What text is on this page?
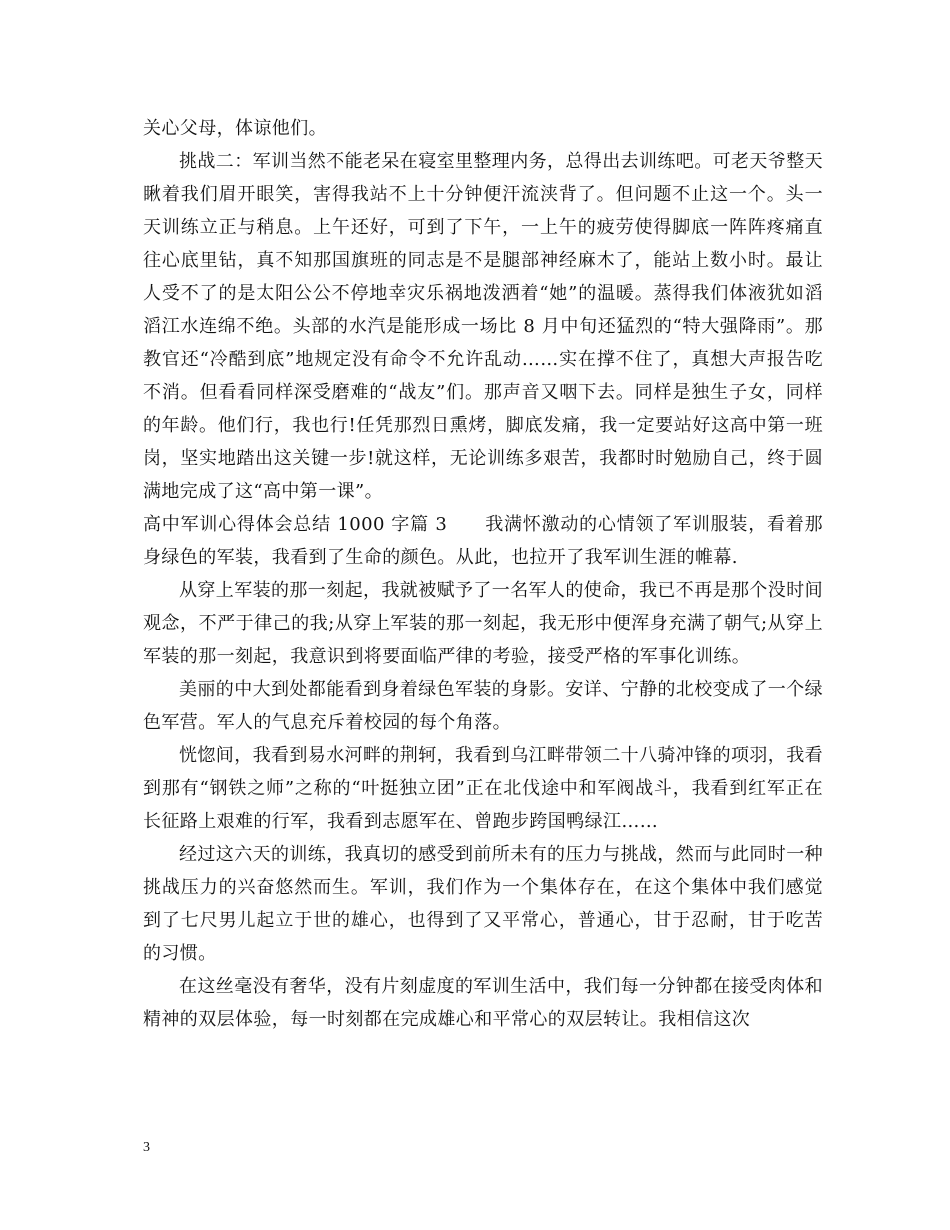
关心父母，体谅他们。

挑战二：军训当然不能老呆在寝室里整理内务，总得出去训练吧。可老天爷整天瞅着我们眉开眼笑，害得我站不上十分钟便汗流浃背了。但问题不止这一个。头一天训练立正与稍息。上午还好，可到了下午，一上午的疲劳使得脚底一阵阵疼痛直往心底里钻，真不知那国旗班的同志是不是腿部神经麻木了，能站上数小时。最让人受不了的是太阳公公不停地幸灾乐祸地泼洒着“她”的温暖。蒸得我们体液犹如滔滔江水连绵不绝。头部的水汽是能形成一场比 8 月中旬还猛烈的“特大强降雨”。那教官还“冷酷到底”地规定没有命令不允许乱动……实在撑不住了，真想大声报告吃不消。但看看同样深受磨难的“战友”们。那声音又咽下去。同样是独生子女，同样的年龄。他们行，我也行!任凭那烈日熏烤，脚底发痛，我一定要站好这高中第一班岗，坚实地踏出这关键一步!就这样，无论训练多艰苦，我都时时勉励自己，终于圆满地完成了这“高中第一课”。

高中军训心得体会总结 1000 字篇 3　　我满怀激动的心情领了军训服装，看着那身绿色的军装，我看到了生命的颜色。从此，也拉开了我军训生涯的帷幕.

从穿上军装的那一刻起，我就被赋予了一名军人的使命，我已不再是那个没时间观念，不严于律己的我;从穿上军装的那一刻起，我无形中便浑身充满了朝气;从穿上军装的那一刻起，我意识到将要面临严律的考验，接受严格的军事化训练。

美丽的中大到处都能看到身着绿色军装的身影。安详、宁静的北校变成了一个绿色军营。军人的气息充斥着校园的每个角落。

恍惚间，我看到易水河畔的荆轲，我看到乌江畔带领二十八骑冲锋的项羽，我看到那有“钢铁之师”之称的“叶挺独立团”正在北伐途中和军阀战斗，我看到红军正在长征路上艰难的行军，我看到志愿军在、曾跑步跨国鸭绿江……

经过这六天的训练，我真切的感受到前所未有的压力与挑战，然而与此同时一种挑战压力的兴奋悠然而生。军训，我们作为一个集体存在，在这个集体中我们感觉到了七尺男儿起立于世的雄心，也得到了又平常心，普通心，甘于忍耐，甘于吃苦的习惯。

在这丝毫没有奢华，没有片刻虚度的军训生活中，我们每一分钟都在接受肉体和精神的双层体验，每一时刻都在完成雄心和平常心的双层转让。我相信这次

3
